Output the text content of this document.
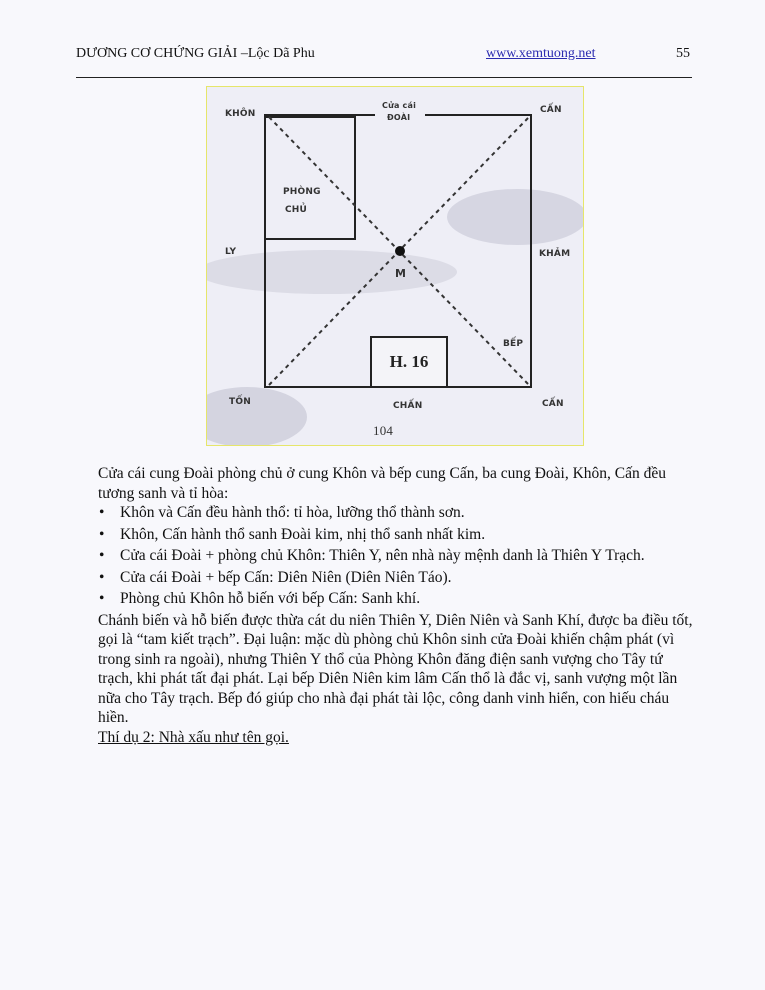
DƯƠNG CƠ CHỨNG GIẢI –Lộc Dã Phu	www.xemtuong.net	55
KHÔN
Cửa cái
ĐOÀI
CẤN
PHÒNG
CHỦ
LY	KHẢM
M
BẾP
TỐN	CHẤN	CẤN
H. 16
104

Cửa cái cung Đoài phòng chủ ở cung Khôn và bếp cung Cấn, ba cung Đoài, Khôn, Cấn đều tương sanh và tỉ hòa:

• Khôn và Cấn đều hành thổ: tỉ hòa, lưỡng thổ thành sơn.
• Khôn, Cấn hành thổ sanh Đoài kim, nhị thổ sanh nhất kim.
• Cửa cái Đoài + phòng chủ Khôn: Thiên Y, nên nhà này mệnh danh là Thiên Y Trạch.
• Cửa cái Đoài + bếp Cấn: Diên Niên (Diên Niên Táo).
• Phòng chủ Khôn hỗ biến với bếp Cấn: Sanh khí.

Chánh biến và hỗ biến được thừa cát du niên Thiên Y, Diên Niên và Sanh Khí, được ba điều tốt, gọi là “tam kiết trạch”. Đại luận: mặc dù phòng chủ Khôn sinh cửa Đoài khiến chậm phát (vì trong sinh ra ngoài), nhưng Thiên Y thổ của Phòng Khôn đăng điện sanh vượng cho Tây tứ trạch, khi phát tất đại phát. Lại bếp Diên Niên kim lâm Cấn thổ là đắc vị, sanh vượng một lần nữa cho Tây trạch. Bếp đó giúp cho nhà đại phát tài lộc, công danh vinh hiển, con hiếu cháu hiền.

Thí dụ 2: Nhà xấu như tên gọi.
